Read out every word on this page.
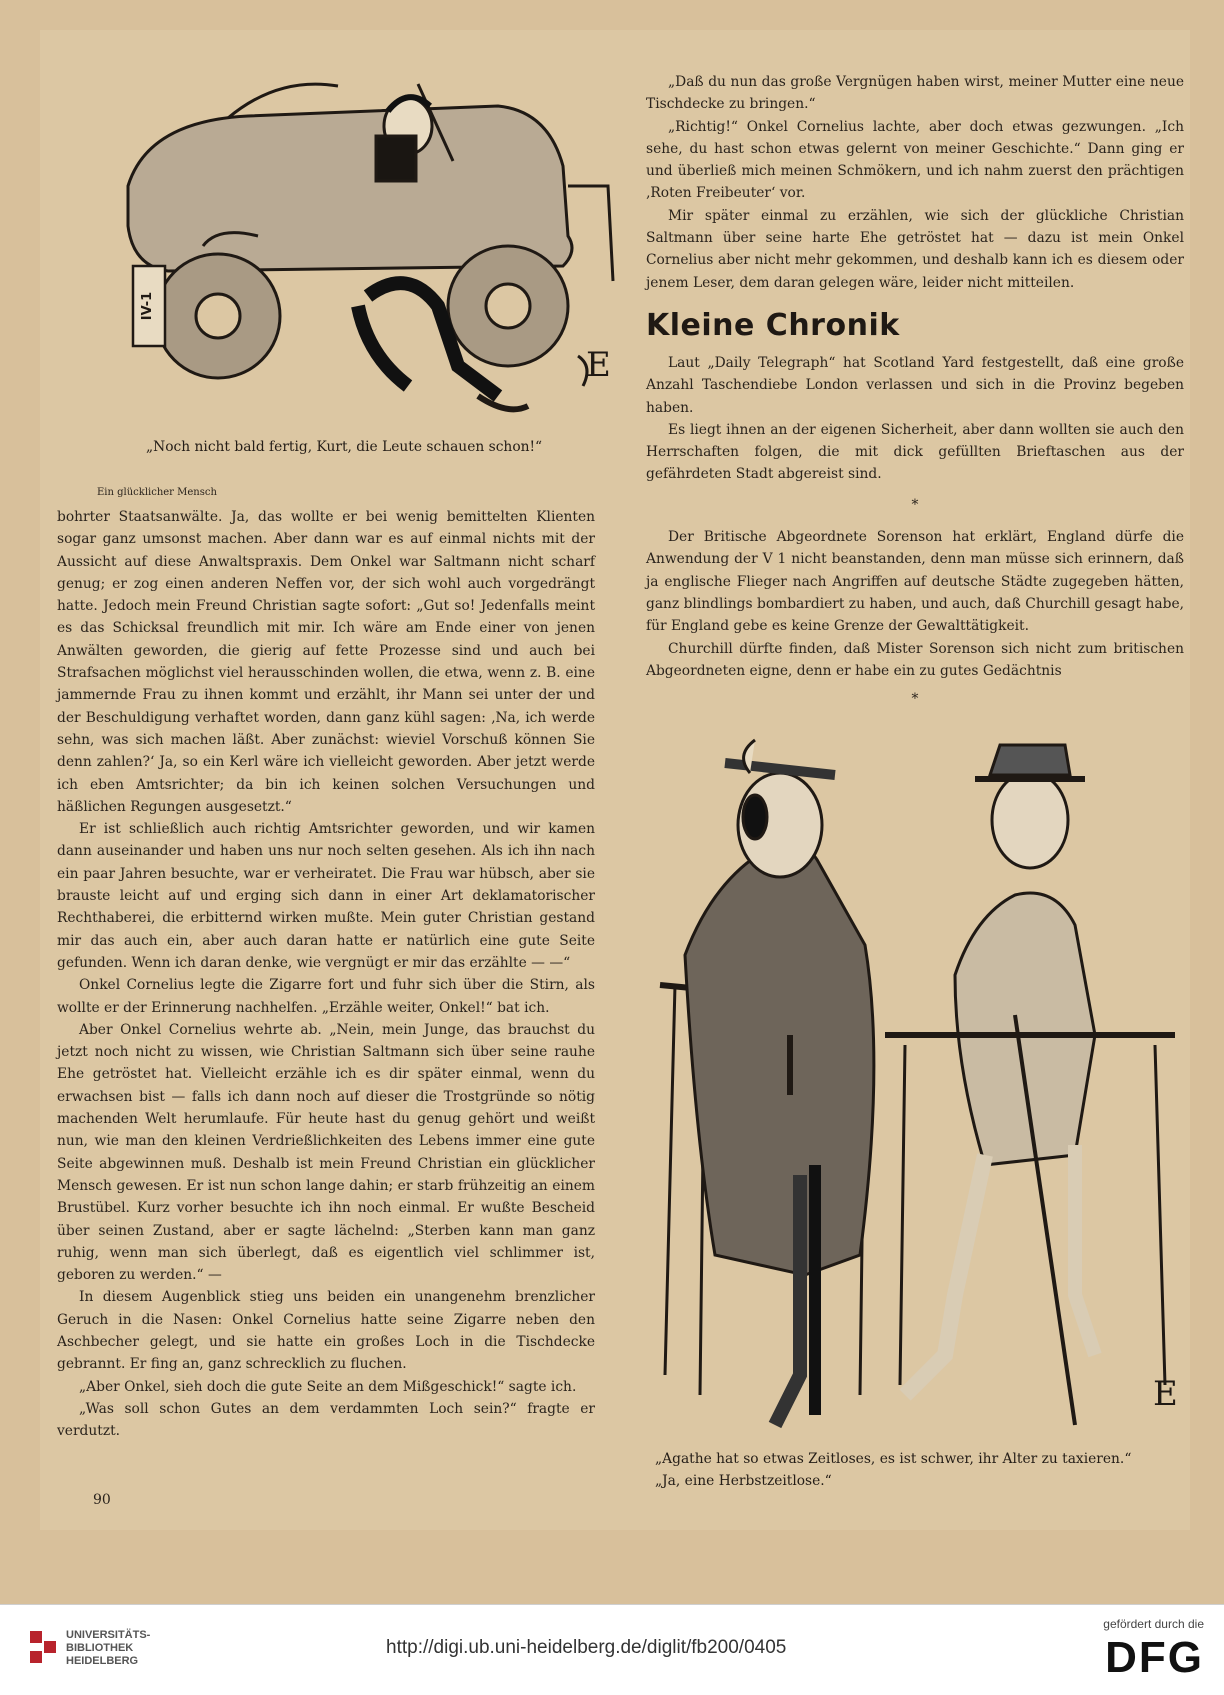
IV-1
E
„Noch nicht bald fertig, Kurt, die Leute schauen schon!“
Ein glücklicher Mensch

bohrter Staatsanwälte. Ja, das wollte er bei wenig bemittelten Klienten sogar ganz umsonst machen. Aber dann war es auf einmal nichts mit der Aussicht auf diese Anwaltspraxis. Dem Onkel war Saltmann nicht scharf genug; er zog einen anderen Neffen vor, der sich wohl auch vorgedrängt hatte. Jedoch mein Freund Christian sagte sofort: „Gut so! Jedenfalls meint es das Schicksal freundlich mit mir. Ich wäre am Ende einer von jenen Anwälten geworden, die gierig auf fette Prozesse sind und auch bei Strafsachen möglichst viel herausschinden wollen, die etwa, wenn z. B. eine jammernde Frau zu ihnen kommt und erzählt, ihr Mann sei unter der und der Beschuldigung verhaftet worden, dann ganz kühl sagen: ‚Na, ich werde sehn, was sich machen läßt. Aber zunächst: wieviel Vorschuß können Sie denn zahlen?‘ Ja, so ein Kerl wäre ich vielleicht geworden. Aber jetzt werde ich eben Amtsrichter; da bin ich keinen solchen Versuchungen und häßlichen Regungen ausgesetzt.“

Er ist schließlich auch richtig Amtsrichter geworden, und wir kamen dann auseinander und haben uns nur noch selten gesehen. Als ich ihn nach ein paar Jahren besuchte, war er verheiratet. Die Frau war hübsch, aber sie brauste leicht auf und erging sich dann in einer Art deklamatorischer Rechthaberei, die erbitternd wirken mußte. Mein guter Christian gestand mir das auch ein, aber auch daran hatte er natürlich eine gute Seite gefunden. Wenn ich daran denke, wie vergnügt er mir das erzählte — —“

Onkel Cornelius legte die Zigarre fort und fuhr sich über die Stirn, als wollte er der Erinnerung nachhelfen. „Erzähle weiter, Onkel!“ bat ich.

Aber Onkel Cornelius wehrte ab. „Nein, mein Junge, das brauchst du jetzt noch nicht zu wissen, wie Christian Saltmann sich über seine rauhe Ehe getröstet hat. Vielleicht erzähle ich es dir später einmal, wenn du erwachsen bist — falls ich dann noch auf dieser die Trostgründe so nötig machenden Welt herumlaufe. Für heute hast du genug gehört und weißt nun, wie man den kleinen Verdrießlichkeiten des Lebens immer eine gute Seite abgewinnen muß. Deshalb ist mein Freund Christian ein glücklicher Mensch gewesen. Er ist nun schon lange dahin; er starb frühzeitig an einem Brustübel. Kurz vorher besuchte ich ihn noch einmal. Er wußte Bescheid über seinen Zustand, aber er sagte lächelnd: „Sterben kann man ganz ruhig, wenn man sich überlegt, daß es eigentlich viel schlimmer ist, geboren zu werden.“ —

In diesem Augenblick stieg uns beiden ein unangenehm brenzlicher Geruch in die Nasen: Onkel Cornelius hatte seine Zigarre neben den Aschbecher gelegt, und sie hatte ein großes Loch in die Tischdecke gebrannt. Er fing an, ganz schrecklich zu fluchen.

„Aber Onkel, sieh doch die gute Seite an dem Mißgeschick!“ sagte ich.

„Was soll schon Gutes an dem verdammten Loch sein?“ fragte er verdutzt.

90

„Daß du nun das große Vergnügen haben wirst, meiner Mutter eine neue Tischdecke zu bringen.“

„Richtig!“ Onkel Cornelius lachte, aber doch etwas gezwungen. „Ich sehe, du hast schon etwas gelernt von meiner Geschichte.“ Dann ging er und überließ mich meinen Schmökern, und ich nahm zuerst den prächtigen ‚Roten Freibeuter‘ vor.

Mir später einmal zu erzählen, wie sich der glückliche Christian Saltmann über seine harte Ehe getröstet hat — dazu ist mein Onkel Cornelius aber nicht mehr gekommen, und deshalb kann ich es diesem oder jenem Leser, dem daran gelegen wäre, leider nicht mitteilen.

Kleine Chronik

Laut „Daily Telegraph“ hat Scotland Yard festgestellt, daß eine große Anzahl Taschendiebe London verlassen und sich in die Provinz begeben haben.

Es liegt ihnen an der eigenen Sicherheit, aber dann wollten sie auch den Herrschaften folgen, die mit dick gefüllten Brieftaschen aus der gefährdeten Stadt abgereist sind.

*

Der Britische Abgeordnete Sorenson hat erklärt, England dürfe die Anwendung der V 1 nicht beanstanden, denn man müsse sich erinnern, daß ja englische Flieger nach Angriffen auf deutsche Städte zugegeben hätten, ganz blindlings bombardiert zu haben, und auch, daß Churchill gesagt habe, für England gebe es keine Grenze der Gewalttätigkeit.

Churchill dürfte finden, daß Mister Sorenson sich nicht zum britischen Abgeordneten eigne, denn er habe ein zu gutes Gedächtnis

*
E
„Agathe hat so etwas Zeitloses, es ist schwer, ihr Alter zu taxieren.“
„Ja, eine Herbstzeitlose.“
UNIVERSITÄTS-
BIBLIOTHEK
HEIDELBERG
http://digi.ub.uni-heidelberg.de/diglit/fb200/0405
gefördert durch die
DFG
